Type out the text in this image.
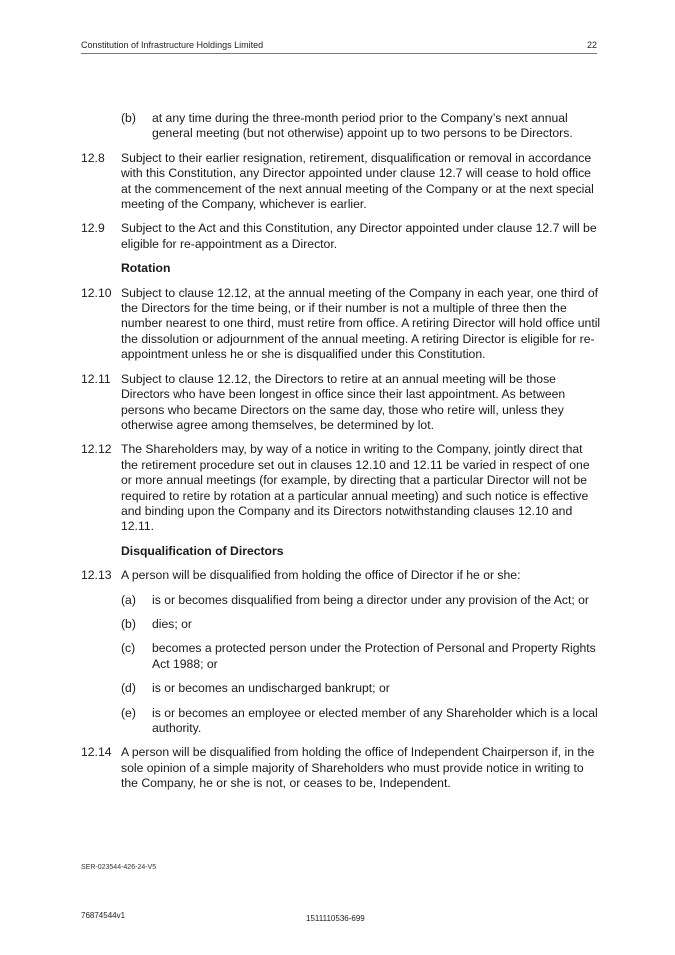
Constitution of Infrastructure Holdings Limited	22
(b)	at any time during the three-month period prior to the Company’s next annual general meeting (but not otherwise) appoint up to two persons to be Directors.
12.8	Subject to their earlier resignation, retirement, disqualification or removal in accordance with this Constitution, any Director appointed under clause 12.7 will cease to hold office at the commencement of the next annual meeting of the Company or at the next special meeting of the Company, whichever is earlier.
12.9	Subject to the Act and this Constitution, any Director appointed under clause 12.7 will be eligible for re-appointment as a Director.
Rotation
12.10 Subject to clause 12.12, at the annual meeting of the Company in each year, one third of the Directors for the time being, or if their number is not a multiple of three then the number nearest to one third, must retire from office. A retiring Director will hold office until the dissolution or adjournment of the annual meeting. A retiring Director is eligible for re-appointment unless he or she is disqualified under this Constitution.
12.11 Subject to clause 12.12, the Directors to retire at an annual meeting will be those Directors who have been longest in office since their last appointment. As between persons who became Directors on the same day, those who retire will, unless they otherwise agree among themselves, be determined by lot.
12.12 The Shareholders may, by way of a notice in writing to the Company, jointly direct that the retirement procedure set out in clauses 12.10 and 12.11 be varied in respect of one or more annual meetings (for example, by directing that a particular Director will not be required to retire by rotation at a particular annual meeting) and such notice is effective and binding upon the Company and its Directors notwithstanding clauses 12.10 and 12.11.
Disqualification of Directors
12.13 A person will be disqualified from holding the office of Director if he or she:
(a)	is or becomes disqualified from being a director under any provision of the Act; or
(b)	dies; or
(c)	becomes a protected person under the Protection of Personal and Property Rights Act 1988; or
(d)	is or becomes an undischarged bankrupt; or
(e)	is or becomes an employee or elected member of any Shareholder which is a local authority.
12.14 A person will be disqualified from holding the office of Independent Chairperson if, in the sole opinion of a simple majority of Shareholders who must provide notice in writing to the Company, he or she is not, or ceases to be, Independent.
SER-023544-426-24-V5
76874544v1	1511110536-699
